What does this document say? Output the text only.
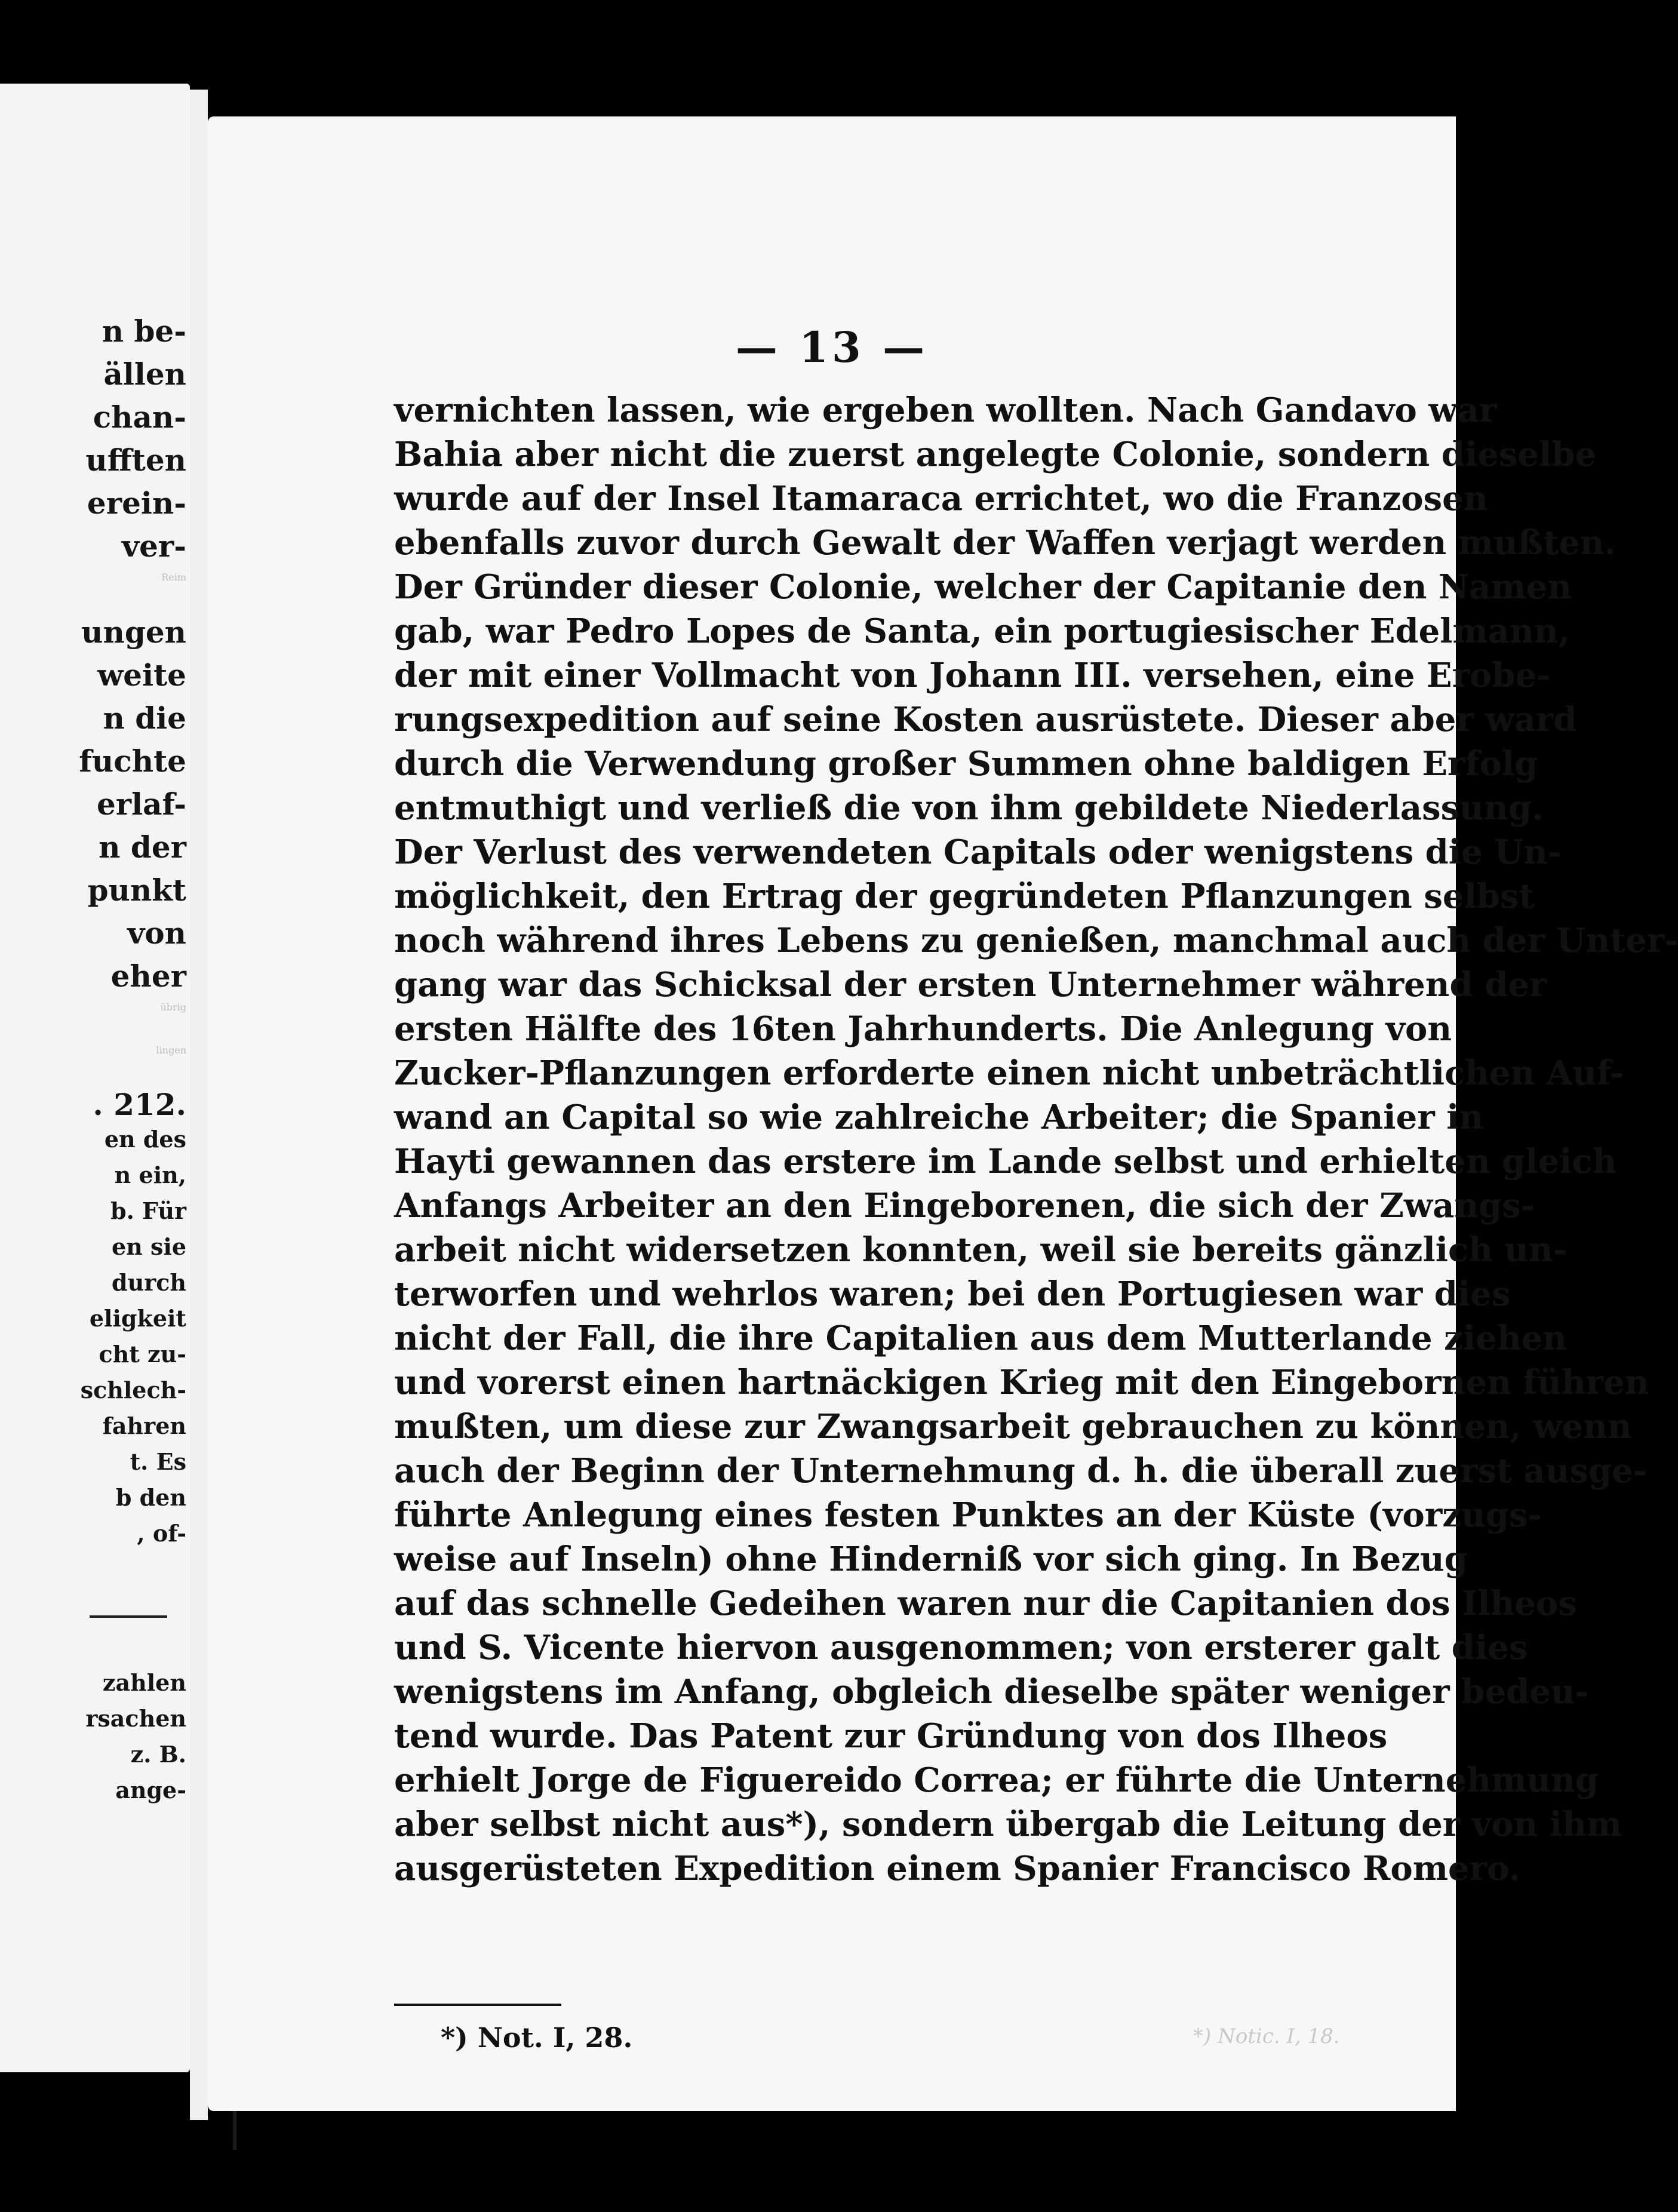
n be-
ällen
chan-
ufften
erein-
ver-
Reim
ungen
weite
n die
fuchte
erlaf-
n der
punkt
von
eher
übrig
lingen
. 212.
en des
n ein,
b. Für
en sie
durch
eligkeit
cht zu-
schlech-
fahren
t. Es
b den
, of-
zahlen
rsachen
z. B.
ange-
— 13 —
vernichten lassen, wie ergeben wollten. Nach Gandavo war
Bahia aber nicht die zuerst angelegte Colonie, sondern dieselbe
wurde auf der Insel Itamaraca errichtet, wo die Franzosen
ebenfalls zuvor durch Gewalt der Waffen verjagt werden mußten.
Der Gründer dieser Colonie, welcher der Capitanie den Namen
gab, war Pedro Lopes de Santa, ein portugiesischer Edelmann,
der mit einer Vollmacht von Johann III. versehen, eine Erobe-
rungsexpedition auf seine Kosten ausrüstete. Dieser aber ward
durch die Verwendung großer Summen ohne baldigen Erfolg
entmuthigt und verließ die von ihm gebildete Niederlassung.
Der Verlust des verwendeten Capitals oder wenigstens die Un-
möglichkeit, den Ertrag der gegründeten Pflanzungen selbst
noch während ihres Lebens zu genießen, manchmal auch der Unter-
gang war das Schicksal der ersten Unternehmer während der
ersten Hälfte des 16ten Jahrhunderts. Die Anlegung von
Zucker-Pflanzungen erforderte einen nicht unbeträchtlichen Auf-
wand an Capital so wie zahlreiche Arbeiter; die Spanier in
Hayti gewannen das erstere im Lande selbst und erhielten gleich
Anfangs Arbeiter an den Eingeborenen, die sich der Zwangs-
arbeit nicht widersetzen konnten, weil sie bereits gänzlich un-
terworfen und wehrlos waren; bei den Portugiesen war dies
nicht der Fall, die ihre Capitalien aus dem Mutterlande ziehen
und vorerst einen hartnäckigen Krieg mit den Eingebornen führen
mußten, um diese zur Zwangsarbeit gebrauchen zu können, wenn
auch der Beginn der Unternehmung d. h. die überall zuerst ausge-
führte Anlegung eines festen Punktes an der Küste (vorzugs-
weise auf Inseln) ohne Hinderniß vor sich ging. In Bezug
auf das schnelle Gedeihen waren nur die Capitanien dos Ilheos
und S. Vicente hiervon ausgenommen; von ersterer galt dies
wenigstens im Anfang, obgleich dieselbe später weniger bedeu-
tend wurde. Das Patent zur Gründung von dos Ilheos
erhielt Jorge de Figuereido Correa; er führte die Unternehmung
aber selbst nicht aus*), sondern übergab die Leitung der von ihm
ausgerüsteten Expedition einem Spanier Francisco Romero.
*) Not. I, 28.	*) Notic. I, 18.
